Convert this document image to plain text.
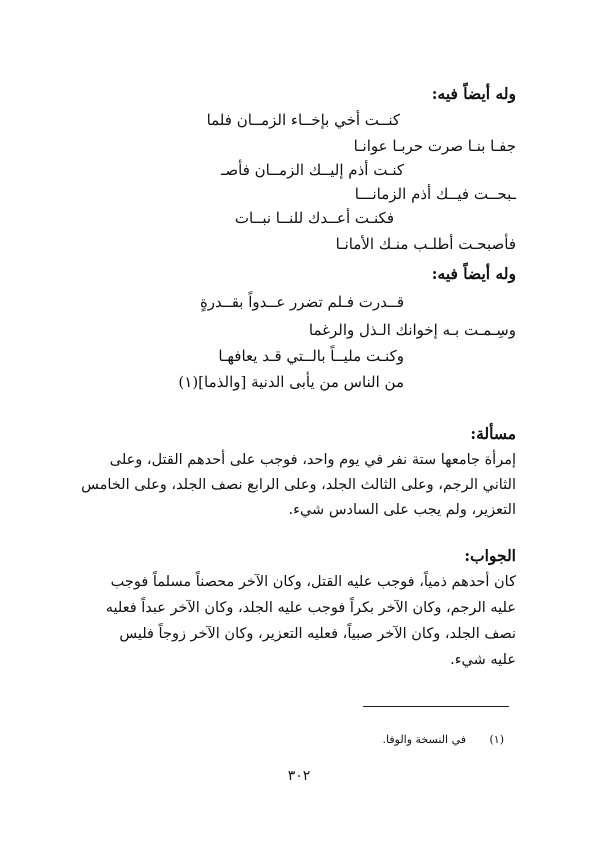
وله أيضاً فيه:
كنــت أخي بإخــاء الزمــان فلما
جفـا بنـا صرت حربـا عوانـا
كنـت أذم إليــك الزمــان فأصـ
ـبحــت فيــك أذم الزمانـــا
فكنـت أعــدك للنــا نبــات
فأصبحـت أطلـب منـك الأمانـا
وله أيضاً فيه:
قــدرت فـلم تضرر عــدواً بقــدرةٍ
وسِـمـت بـه إخوانك الـذل والرغما
وكنـت مليــاً بالــتي قـد يعافهـا
من الناس من يأبى الدنية [والذما](١)
مسألة:
إمرأة جامعها ستة نفر في يوم واحد، فوجب على أحدهم القتل، وعلى
الثاني الرجم، وعلى الثالث الجلد، وعلى الرابع نصف الجلد، وعلى الخامس
التعزير، ولم يجب على السادس شيء.
الجواب:
كان أحدهم ذمياً، فوجب عليه القتل، وكان الآخر محصناً مسلماً فوجب
عليه الرجم، وكان الآخر بكراً فوجب عليه الجلد، وكان الآخر عبداً فعليه
نصف الجلد، وكان الآخر صبياً، فعليه التعزير، وكان الآخر زوجاً فليس
عليه شيء.
(١)
في النسخة والوفا.
٣٠٢
